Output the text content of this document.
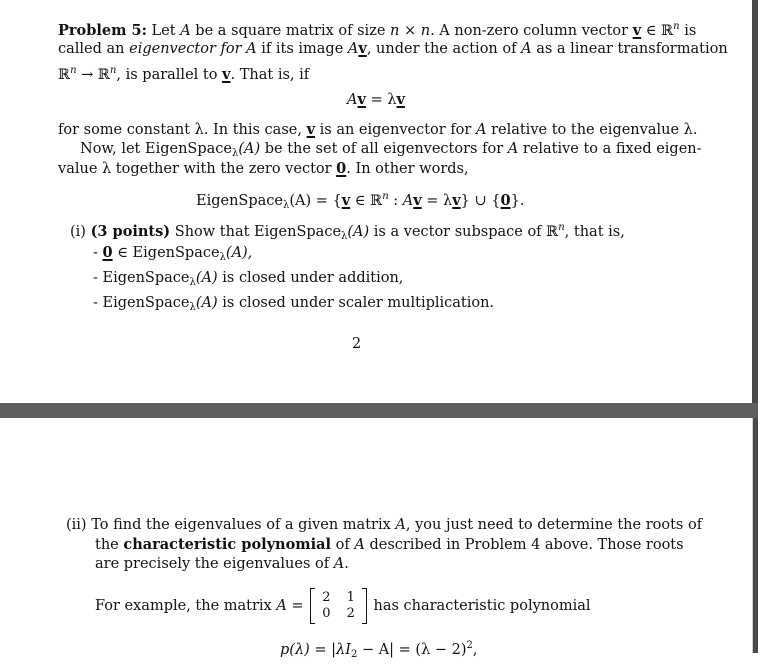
Problem 5: Let A be a square matrix of size n × n. A non-zero column vector v ∈ ℝ$^n$ is
called an eigenvector for A if its image Av, under the action of A as a linear transformation
ℝ$^n$ → ℝ$^n$, is parallel to v. That is, if
Av = λv
for some constant λ. In this case, v is an eigenvector for A relative to the eigenvalue λ.
Now, let EigenSpace$_\lambda$(A) be the set of all eigenvectors for A relative to a fixed eigen-
value λ together with the zero vector 0. In other words,
EigenSpace$_\lambda$(A) = {v ∈ ℝ$^n$ : Av = λv} ∪ {0}.
(i) (3 points) Show that EigenSpace$_\lambda$(A) is a vector subspace of ℝ$^n$, that is,
- 0 ∈ EigenSpace$_\lambda$(A),
- EigenSpace$_\lambda$(A) is closed under addition,
- EigenSpace$_\lambda$(A) is closed under scaler multiplication.
2
(ii) To find the eigenvalues of a given matrix A, you just need to determine the roots of
the characteristic polynomial of A described in Problem 4 above. Those roots
are precisely the eigenvalues of A.
For example, the matrix A =
2 1
0 2 has characteristic polynomial
$p(\lambda) = |\lambda I_2 - A| = (\lambda - 2)^2$,
